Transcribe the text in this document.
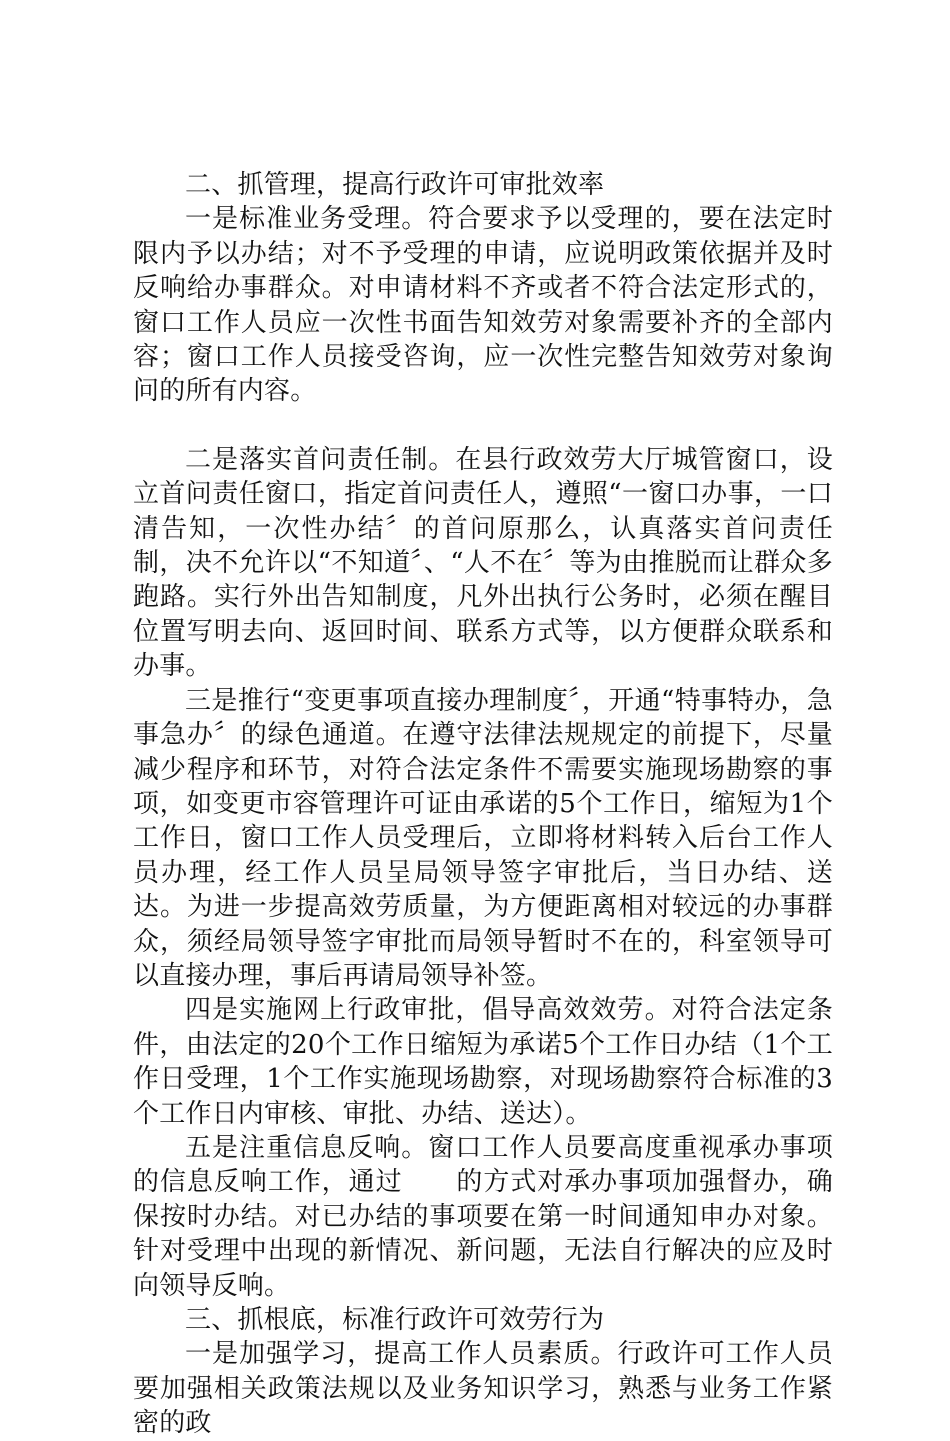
二、抓管理，提高行政许可审批效率

一是标准业务受理。符合要求予以受理的，要在法定时限内予以办结；对不予受理的申请，应说明政策依据并及时反响给办事群众。对申请材料不齐或者不符合法定形式的，窗口工作人员应一次性书面告知效劳对象需要补齐的全部内容；窗口工作人员接受咨询，应一次性完整告知效劳对象询问的所有内容。

二是落实首问责任制。在县行政效劳大厅城管窗口，设立首问责任窗口，指定首问责任人，遵照“一窗口办事，一口清告知，一次性办结〞的首问原那么，认真落实首问责任制，决不允许以“不知道〞、“人不在〞等为由推脱而让群众多跑路。实行外出告知制度，凡外出执行公务时，必须在醒目位置写明去向、返回时间、联系方式等，以方便群众联系和办事。

三是推行“变更事项直接办理制度〞，开通“特事特办，急事急办〞的绿色通道。在遵守法律法规规定的前提下，尽量减少程序和环节，对符合法定条件不需要实施现场勘察的事项，如变更市容管理许可证由承诺的5个工作日，缩短为1个工作日，窗口工作人员受理后，立即将材料转入后台工作人员办理，经工作人员呈局领导签字审批后，当日办结、送达。为进一步提高效劳质量，为方便距离相对较远的办事群众，须经局领导签字审批而局领导暂时不在的，科室领导可以直接办理，事后再请局领导补签。

四是实施网上行政审批，倡导高效效劳。对符合法定条件，由法定的20个工作日缩短为承诺5个工作日办结（1个工作日受理，1个工作实施现场勘察，对现场勘察符合标准的3个工作日内审核、审批、办结、送达）。

五是注重信息反响。窗口工作人员要高度重视承办事项的信息反响工作，通过　　的方式对承办事项加强督办，确保按时办结。对已办结的事项要在第一时间通知申办对象。针对受理中出现的新情况、新问题，无法自行解决的应及时向领导反响。

三、抓根底，标准行政许可效劳行为

一是加强学习，提高工作人员素质。行政许可工作人员要加强相关政策法规以及业务知识学习，熟悉与业务工作紧密的政
